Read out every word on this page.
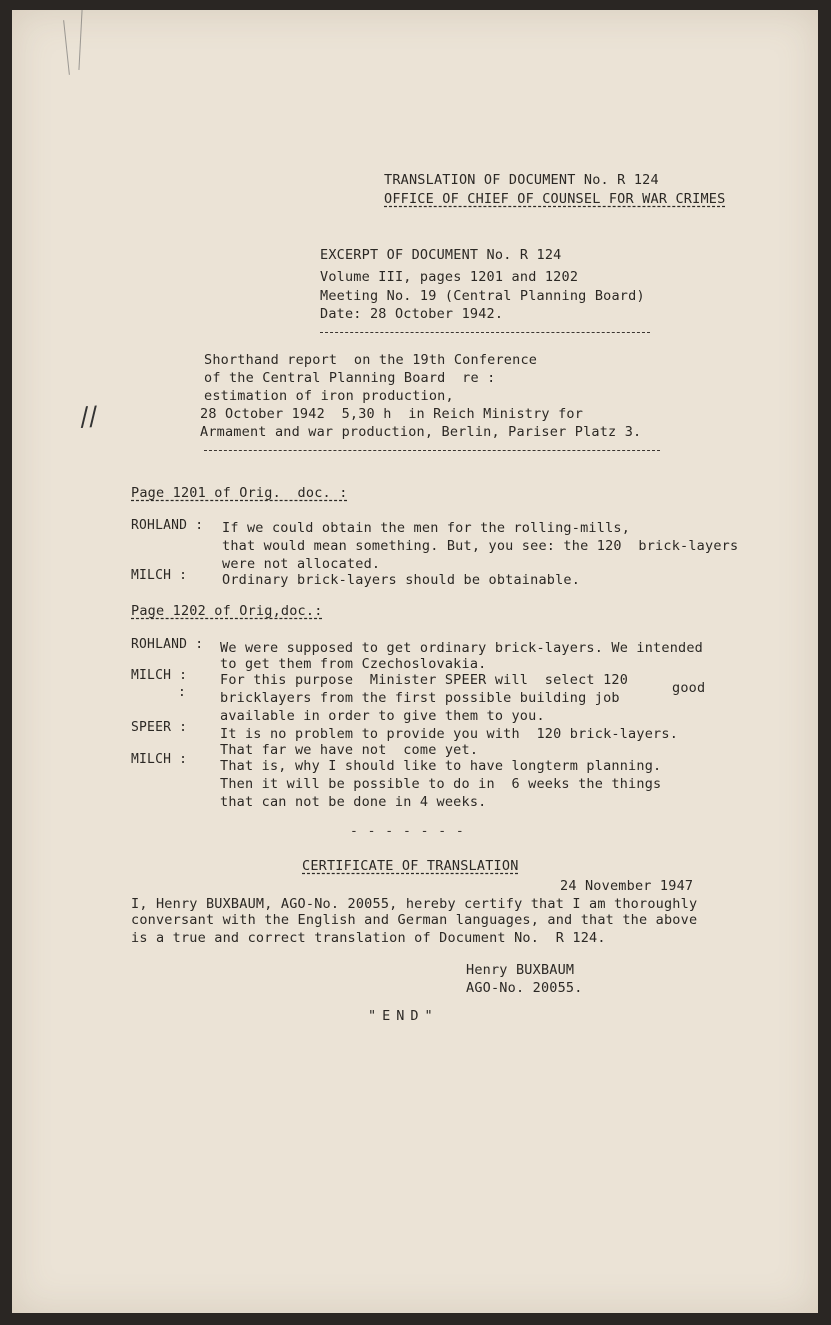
TRANSLATION OF DOCUMENT No. R 124
OFFICE OF CHIEF OF COUNSEL FOR WAR CRIMES
EXCERPT OF DOCUMENT No. R 124
Volume III, pages 1201 and 1202
Meeting No. 19 (Central Planning Board)
Date: 28 October 1942.
Shorthand report  on the 19th Conference
of the Central Planning Board  re :
estimation of iron production,
28 October 1942  5,30 h  in Reich Ministry for
Armament and war production, Berlin, Pariser Platz 3.
//
Page 1201 of Orig.  doc. :
ROHLAND : If we could obtain the men for the rolling-mills,
that would mean something. But, you see: the 120  brick-layers
were not allocated.
MILCH :	Ordinary brick-layers should be obtainable.
Page 1202 of Orig,doc.:
ROHLAND : We were supposed to get ordinary brick-layers. We intended
to get them from Czechoslovakia.
MILCH :
:
For this purpose  Minister SPEER will  select 120	good
bricklayers from the first possible building job
available in order to give them to you.
SPEER : It is no problem to provide you with  120 brick-layers.
That far we have not  come yet.
MILCH : That is, why I should like to have longterm planning.
Then it will be possible to do in  6 weeks the things
that can not be done in 4 weeks.
- - - - - - -
CERTIFICATE OF TRANSLATION
24 November 1947
I, Henry BUXBAUM, AGO-No. 20055, hereby certify that I am thoroughly
conversant with the English and German languages, and that the above
is a true and correct translation of Document No.  R 124.
Henry BUXBAUM
AGO-No. 20055.
"END"
